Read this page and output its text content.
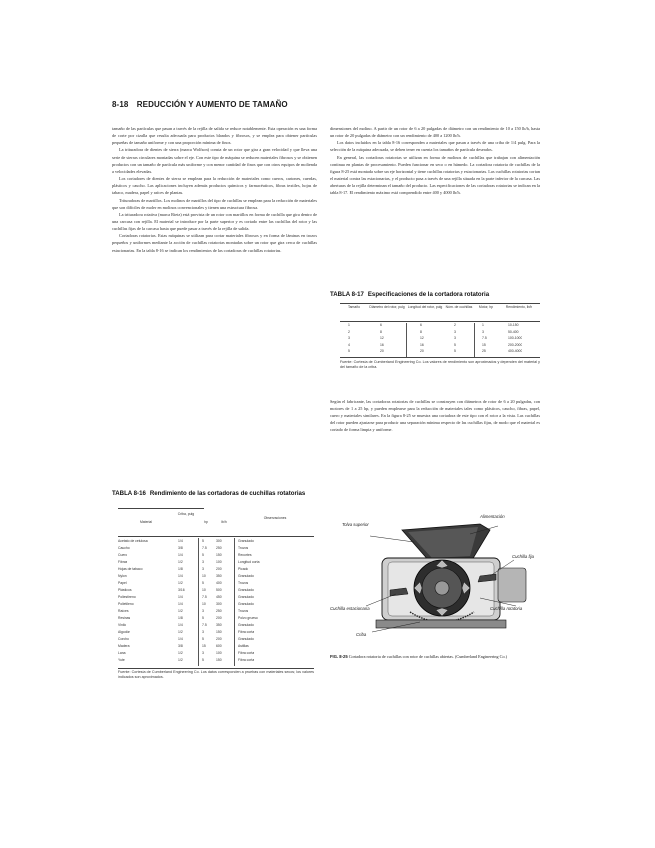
8-18 REDUCCIÓN Y AUMENTO DE TAMAÑO

tamaño de las partículas que pasan a través de la rejilla de salida se reduce notablemente. Esta operación es una forma de corte por cizalla que resulta adecuada para productos blandos y fibrosos, y se emplea para obtener partículas pequeñas de tamaño uniforme y con una proporción mínima de finos.

La trituradora de dientes de sierra (marca Wolfson) consta de un rotor que gira a gran velocidad y que lleva una serie de sierras circulares montadas sobre el eje. Con este tipo de máquina se reducen materiales fibrosos y se obtienen productos con un tamaño de partícula más uniforme y con menor cantidad de finos que con otros equipos de molienda a velocidades elevadas.

Los cortadores de dientes de sierra se emplean para la reducción de materiales como cueros, cartones, cuerdas, plásticos y caucho. Las aplicaciones incluyen además productos químicos y farmacéuticos, fibras textiles, hojas de tabaco, madera, papel y raíces de plantas.

Trituradoras de martillos. Los molinos de martillos del tipo de cuchillas se emplean para la reducción de materiales que son difíciles de moler en molinos convencionales y tienen una estructura fibrosa.

La trituradora rotativa (marca Rietz) está provista de un rotor con martillos en forma de cuchilla que gira dentro de una carcasa con rejilla. El material se introduce por la parte superior y es cortado entre las cuchillas del rotor y las cuchillas fijas de la carcasa hasta que puede pasar a través de la rejilla de salida.

Cortadoras rotatorias. Estas máquinas se utilizan para cortar materiales fibrosos y en forma de láminas en trozos pequeños y uniformes mediante la acción de cuchillas rotatorias montadas sobre un rotor que gira cerca de cuchillas estacionarias. En la tabla 8-16 se indican los rendimientos de las cortadoras de cuchillas rotatorias.

dimensiones del molino. A partir de un rotor de 6 a 20 pulgadas de diámetro con un rendimiento de 10 a 150 lb/h, hasta un rotor de 20 pulgadas de diámetro con un rendimiento de 400 a 1200 lb/h.

Los datos incluidos en la tabla 8-16 corresponden a materiales que pasan a través de una criba de 1/4 pulg. Para la selección de la máquina adecuada, se deben tener en cuenta los tamaños de partícula deseados.

En general, las cortadoras rotatorias se utilizan en forma de molinos de cuchillas que trabajan con alimentación continua en plantas de procesamiento. Pueden funcionar en seco o en húmedo. La cortadora rotatoria de cuchillas de la figura 8-25 está montada sobre un eje horizontal y tiene cuchillas rotatorias y estacionarias. Las cuchillas rotatorias cortan el material contra las estacionarias, y el producto pasa a través de una rejilla situada en la parte inferior de la carcasa. Las aberturas de la rejilla determinan el tamaño del producto. Las especificaciones de las cortadoras rotatorias se indican en la tabla 8-17. El rendimiento máximo está comprendido entre 400 y 4000 lb/h.

TABLA 8-17 Especificaciones de la cortadora rotatoria
Tamaño	Diámetro del rotor, pulg Longitud del rotor, pulg Núm. de cuchillas	Motor, hp	Rendimiento, lb/h
1	6	6	2	1	10-150
2	8	8	3	3	50-400
3	12	12	3	7.5	100-1000
4	16	16	5	15	200-2000
5	20	20	5	25	400-4000
Fuente: Cortesía de Cumberland Engineering Co. Los valores de rendimiento son aproximados y dependen del material y del tamaño de la criba.

Según el fabricante, las cortadoras rotatorias de cuchillas se construyen con diámetros de rotor de 6 a 20 pulgadas, con motores de 1 a 25 hp, y pueden emplearse para la reducción de materiales tales como plásticos, caucho, fibras, papel, cuero y materiales similares. En la figura 8-25 se muestra una cortadora de este tipo con el rotor a la vista. Las cuchillas del rotor pueden ajustarse para producir una separación mínima respecto de las cuchillas fijas, de modo que el material es cortado de forma limpia y uniforme.

TABLA 8-16 Rendimiento de las cortadoras de cuchillas rotatorias
Material
Criba, pulg
hp	lb/h
Observaciones
Acetato de celulosa	1/4	5	300	Granulado
Caucho	3/8	7.5	250	Trozos
Cuero	1/4	5	150	Recortes
Fibras	1/2	3	100	Longitud corta
Hojas de tabaco	1/8	3	200	Picado
Nylon	1/4	10	350	Granulado
Papel	1/2	5	400	Trozos
Plásticos	3/16	10	500	Granulado
Poliestireno	1/4	7.5	450	Granulado
Polietileno	1/4	10	300	Granulado
Raíces	1/2	3	250	Trozos
Resinas	1/8	5	200	Polvo grueso
Vinilo	1/4	7.5	350	Granulado
Algodón	1/2	3	150	Fibra corta
Corcho	1/4	5	200	Granulado
Madera	3/8	15	600	Astillas
Lana	1/2	3	100	Fibra corta
Yute	1/2	5	150	Fibra corta
Fuente: Cortesía de Cumberland Engineering Co. Los datos corresponden a pruebas con materiales secos; los valores indicados son aproximados.
Tolva superior
Alimentación
Cuchilla fija
Cuchilla rotatoria
Cuchilla estacionaria
Criba
FIG. 8-25 Cortadora rotatoria de cuchillas con rotor de cuchillas abiertas. (Cumberland Engineering Co.)
